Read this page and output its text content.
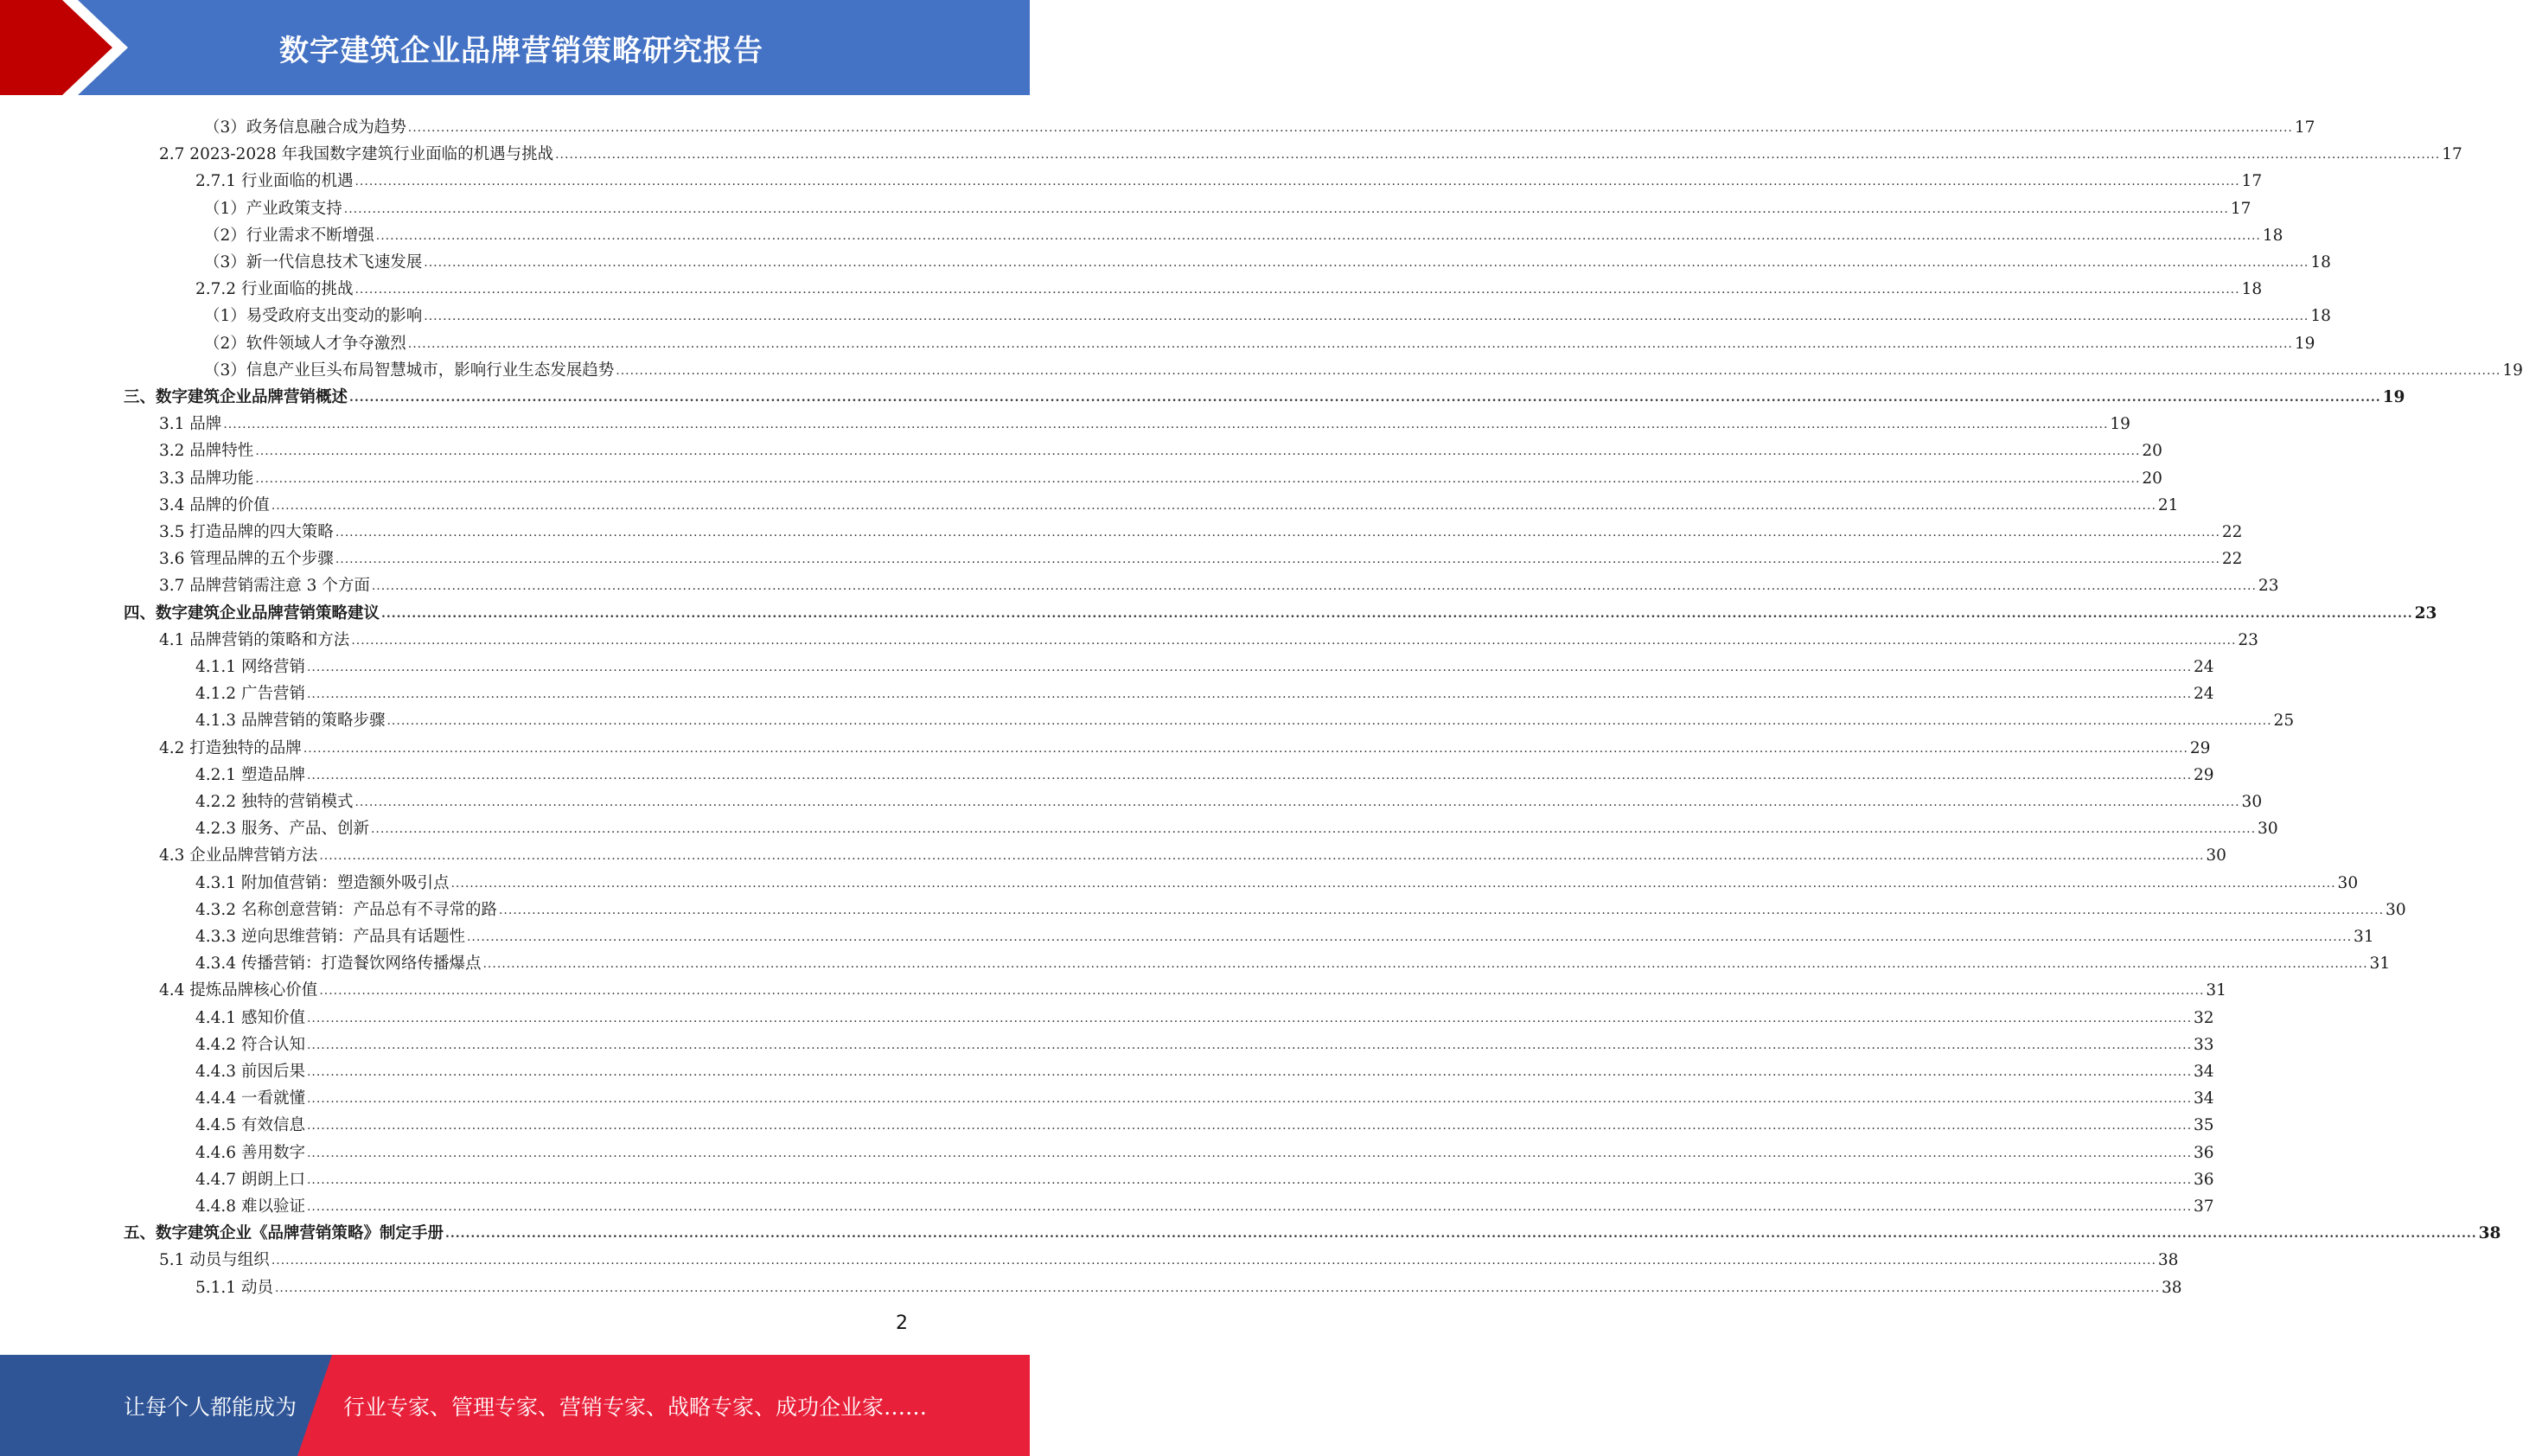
数字建筑企业品牌营销策略研究报告
（3）政务信息融合成为趋势 ................................................................................................................................................................................................................................................................................................................................................................................................................ 17
2.7 2023-2028 年我国数字建筑行业面临的机遇与挑战 ................................................................................................................................................................................................................................................................................................................................................................................................................ 17
2.7.1 行业面临的机遇 ................................................................................................................................................................................................................................................................................................................................................................................................................ 17
（1）产业政策支持 ................................................................................................................................................................................................................................................................................................................................................................................................................ 17
（2）行业需求不断增强 ................................................................................................................................................................................................................................................................................................................................................................................................................ 18
（3）新一代信息技术飞速发展 ................................................................................................................................................................................................................................................................................................................................................................................................................ 18
2.7.2 行业面临的挑战 ................................................................................................................................................................................................................................................................................................................................................................................................................ 18
（1）易受政府支出变动的影响 ................................................................................................................................................................................................................................................................................................................................................................................................................ 18
（2）软件领域人才争夺激烈 ................................................................................................................................................................................................................................................................................................................................................................................................................ 19
（3）信息产业巨头布局智慧城市，影响行业生态发展趋势 ................................................................................................................................................................................................................................................................................................................................................................................................................ 19
三、数字建筑企业品牌营销概述 ................................................................................................................................................................................................................................................................................................................................................................................................................ 19
3.1 品牌 ................................................................................................................................................................................................................................................................................................................................................................................................................ 19
3.2 品牌特性 ................................................................................................................................................................................................................................................................................................................................................................................................................ 20
3.3 品牌功能 ................................................................................................................................................................................................................................................................................................................................................................................................................ 20
3.4 品牌的价值 ................................................................................................................................................................................................................................................................................................................................................................................................................ 21
3.5 打造品牌的四大策略 ................................................................................................................................................................................................................................................................................................................................................................................................................ 22
3.6 管理品牌的五个步骤 ................................................................................................................................................................................................................................................................................................................................................................................................................ 22
3.7 品牌营销需注意 3 个方面 ................................................................................................................................................................................................................................................................................................................................................................................................................ 23
四、数字建筑企业品牌营销策略建议 ................................................................................................................................................................................................................................................................................................................................................................................................................ 23
4.1 品牌营销的策略和方法 ................................................................................................................................................................................................................................................................................................................................................................................................................ 23
4.1.1 网络营销 ................................................................................................................................................................................................................................................................................................................................................................................................................ 24
4.1.2 广告营销 ................................................................................................................................................................................................................................................................................................................................................................................................................ 24
4.1.3 品牌营销的策略步骤 ................................................................................................................................................................................................................................................................................................................................................................................................................ 25
4.2 打造独特的品牌 ................................................................................................................................................................................................................................................................................................................................................................................................................ 29
4.2.1 塑造品牌 ................................................................................................................................................................................................................................................................................................................................................................................................................ 29
4.2.2 独特的营销模式 ................................................................................................................................................................................................................................................................................................................................................................................................................ 30
4.2.3 服务、产品、创新 ................................................................................................................................................................................................................................................................................................................................................................................................................ 30
4.3 企业品牌营销方法 ................................................................................................................................................................................................................................................................................................................................................................................................................ 30
4.3.1 附加值营销：塑造额外吸引点 ................................................................................................................................................................................................................................................................................................................................................................................................................ 30
4.3.2 名称创意营销：产品总有不寻常的路 ................................................................................................................................................................................................................................................................................................................................................................................................................ 30
4.3.3 逆向思维营销：产品具有话题性 ................................................................................................................................................................................................................................................................................................................................................................................................................ 31
4.3.4 传播营销：打造餐饮网络传播爆点 ................................................................................................................................................................................................................................................................................................................................................................................................................ 31
4.4 提炼品牌核心价值 ................................................................................................................................................................................................................................................................................................................................................................................................................ 31
4.4.1 感知价值 ................................................................................................................................................................................................................................................................................................................................................................................................................ 32
4.4.2 符合认知 ................................................................................................................................................................................................................................................................................................................................................................................................................ 33
4.4.3 前因后果 ................................................................................................................................................................................................................................................................................................................................................................................................................ 34
4.4.4 一看就懂 ................................................................................................................................................................................................................................................................................................................................................................................................................ 34
4.4.5 有效信息 ................................................................................................................................................................................................................................................................................................................................................................................................................ 35
4.4.6 善用数字 ................................................................................................................................................................................................................................................................................................................................................................................................................ 36
4.4.7 朗朗上口 ................................................................................................................................................................................................................................................................................................................................................................................................................ 36
4.4.8 难以验证 ................................................................................................................................................................................................................................................................................................................................................................................................................ 37
五、数字建筑企业《品牌营销策略》制定手册 ................................................................................................................................................................................................................................................................................................................................................................................................................ 38
5.1 动员与组织 ................................................................................................................................................................................................................................................................................................................................................................................................................ 38
5.1.1 动员 ................................................................................................................................................................................................................................................................................................................................................................................................................ 38
2
让每个人都能成为 行业专家、管理专家、营销专家、战略专家、成功企业家……
